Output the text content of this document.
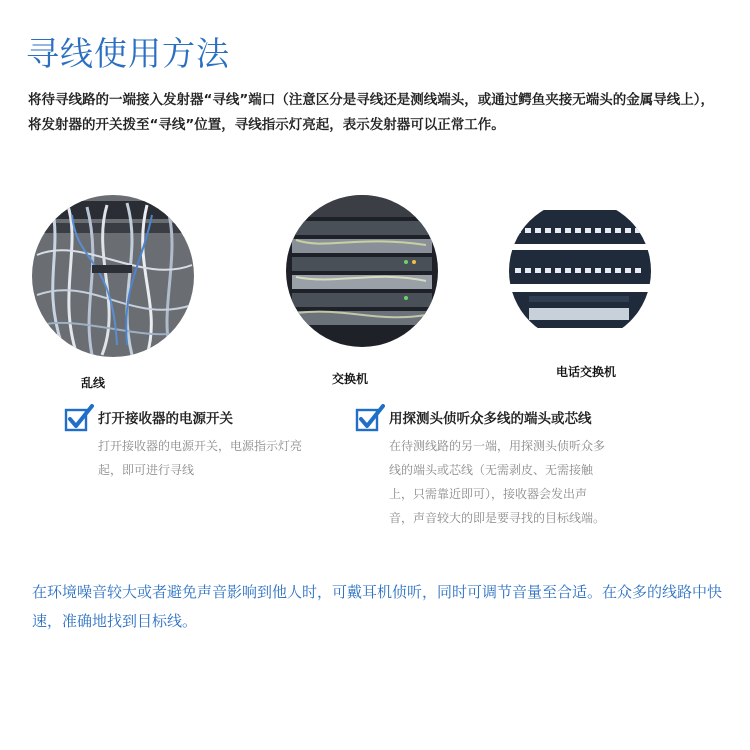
寻线使用方法
将待寻线路的一端接入发射器“寻线”端口（注意区分是寻线还是测线端头，或通过鳄鱼夹接无端头的金属导线上），将发射器的开关拨至“寻线”位置，寻线指示灯亮起，表示发射器可以正常工作。
乱线	交换机	电话交换机
打开接收器的电源开关
打开接收器的电源开关，电源指示灯亮起，即可进行寻线
用探测头侦听众多线的端头或芯线
在待测线路的另一端，用探测头侦听众多线的端头或芯线（无需剥皮、无需接触上，只需靠近即可），接收器会发出声音，声音较大的即是要寻找的目标线端。
在环境噪音较大或者避免声音影响到他人时，可戴耳机侦听，同时可调节音量至合适。在众多的线路中快速，准确地找到目标线。
